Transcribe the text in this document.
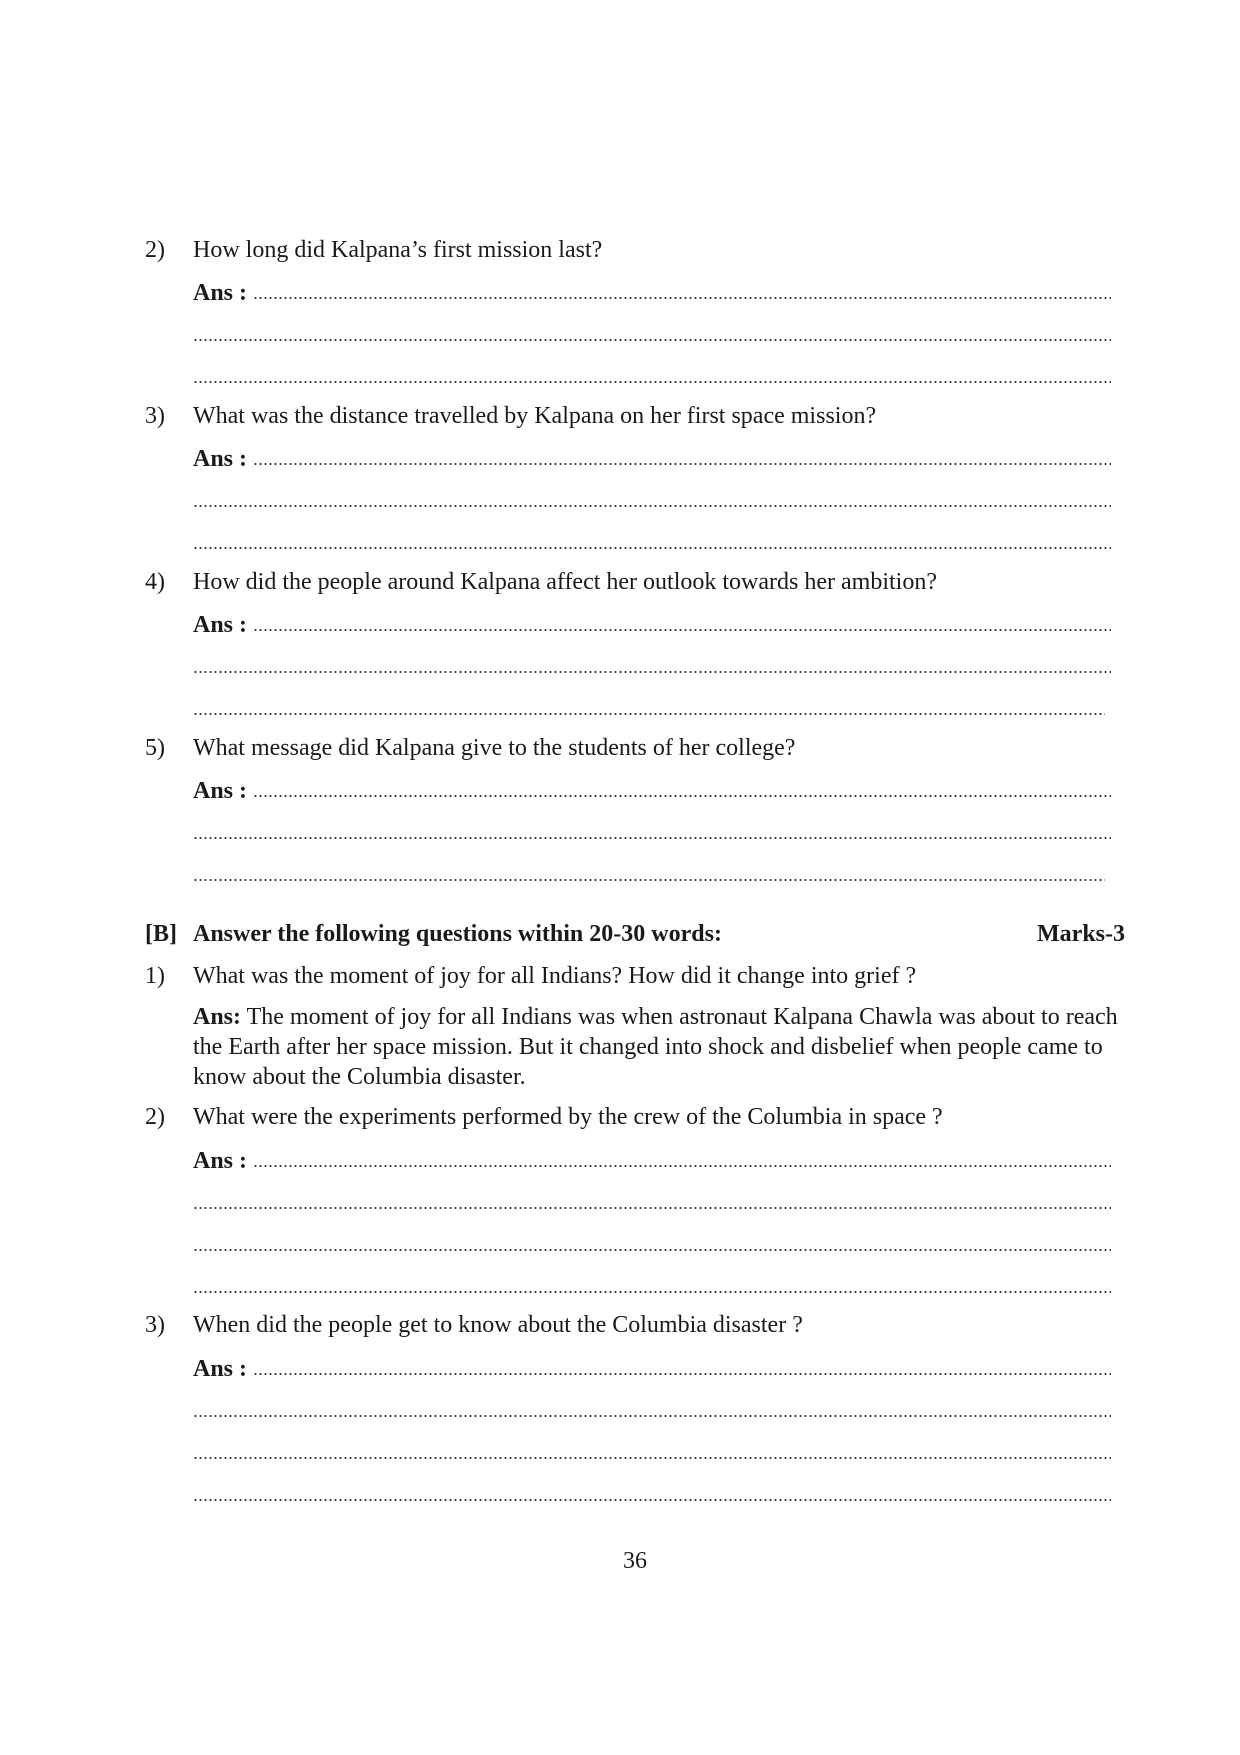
2) How long did Kalpana’s first mission last?
Ans :
3) What was the distance travelled by Kalpana on her first space mission?
Ans :
4) How did the people around Kalpana affect her outlook towards her ambition?
Ans :
5) What message did Kalpana give to the students of her college?
Ans :
[B] Answer the following questions within 20-30 words:	Marks-3
1) What was the moment of joy for all Indians? How did it change into grief ?
Ans: The moment of joy for all Indians was when astronaut Kalpana Chawla was about to reach the Earth after her space mission. But it changed into shock and disbelief when people came to know about the Columbia disaster.
2) What were the experiments performed by the crew of the Columbia in space ?
Ans :
3) When did the people get to know about the Columbia disaster ?
Ans :
36
